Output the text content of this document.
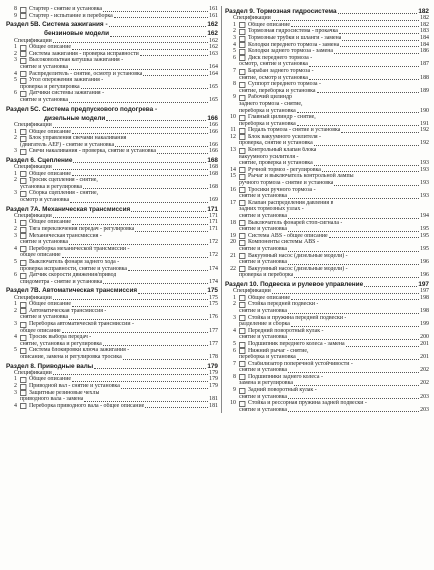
8	Стартер - снятие и установка	161
9	Стартер - испытание и переборка	161
Раздел 5В. Система зажигания -	162
бензиновые модели	162
Спецификации	162
1	Общее описание	162
2	Система зажигания - проверка исправности	163
3	Высоковольтная катушка зажигания -
снятие и установка	164
4	Распределитель - снятие, осмотр и установка	164
5	Угол опережения зажигания -
проверка и регулировка	165
6	Датчики системы зажигания -
снятие и установка	165
Раздел 5С. Система предпускового подогрева -
дизельные модели	166
Спецификации	166
1	Общее описание	166
2	Блок управления свечами накаливания
(двигатель AEF) - снятие и установка	166
3	Свечи накаливания - проверка, снятие и установка	166
Раздел 6. Сцепление	168
Спецификации	168
1	Общее описание	168
2	Тросик сцепления - снятие,
установка и регулировка	168
3	Сборка сцепления - снятие,
осмотр и установка	169
Раздел 7А. Механическая трансмиссия	171
Спецификации	171
1	Общее описание	171
2	Тяга переключения передач - регулировка	171
3	Механическая трансмиссия -
снятие и установка	172
4	Переборка механической трансмиссии -
общее описание	172
5	Выключатель фонаря заднего хода -
проверка исправности, снятие и установка	174
6	Датчик скорости движения/привод
спидометра - снятие и установка	174
Раздел 7В. Автоматическая трансмиссия	175
Спецификации	175
1	Общее описание	175
2	Автоматическая трансмиссия -
снятие и установка	176
3	Переборка автоматической трансмиссии -
общее описание	177
4	Тросик выбора передач -
снятие, установка и регулировка	177
5	Система блокировки ключа зажигания -
описание, замена и регулировка тросика	178
Раздел 8. Приводные валы	179
Спецификации	179
1	Общее описание	179
2	Приводной вал - снятие и установка	179
3	Защитные резиновые чехлы
приводного вала - замена	181
4	Переборка приводного вала - общее описание	181
Раздел 9. Тормозная гидросистема	182
Спецификации	182
1	Общее описание	182
2	Тормозная гидросистема - прокачка	183
3	Тормозные трубки и шланги - замена	184
4	Колодки переднего тормоза - замена	184
5	Колодки заднего тормоза - замена	186
6	Диск переднего тормоза -
осмотр, снятие и установка	187
7	Барабан заднего тормоза -
снятие, осмотр и установка	188
8	Суппорт переднего тормоза -
снятие, переборка и установка	189
9	Рабочий цилиндр
заднего тормоза - снятие,
переборка и установка	190
10	Главный цилиндр - снятие,
переборка и установка	191
11	Педаль тормоза - снятие и установка	192
12	Блок вакуумного усилителя -
проверка, снятие и установка	192
13	Контрольный клапан блока
вакуумного усилителя -
снятие, проверка и установка	193
14	Ручной тормоз - регулировка	193
15	Рычаг и выключатель контрольной лампы
ручного тормоза - снятие и установка	193
16	Тросики ручного тормоза -
снятие и установка	193
17	Клапан распределения давления в
задних тормозных узлах -
снятие и установка	194
18	Выключатель фонарей стоп-сигнала -
снятие и установка	195
19	Система ABS - общее описание	195
20	Компоненты системы ABS -
снятие и установка	195
21	Вакуумный насос (дизельные модели) -
снятие и установка	196
22	Вакуумный насос (дизельные модели) -
проверка и переборка	196
Раздел 10. Подвеска и рулевое управление	197
Спецификации	197
1	Общее описание	198
2	Стойка передней подвески -
снятие и установка	198
3	Стойка и пружина передней подвески -
разделение и сборка	199
4	Передний поворотный кулак -
снятие и установка	200
5	Подшипник переднего колеса - замена	201
6	Нижний рычаг - снятие,
переборка и установка	201
7	Стабилизатор поперечной устойчивости -
снятие и установка	202
8	Подшипники заднего колеса -
замена и регулировка	202
9	Задний поворотный кулак -
снятие и установка	203
10	Стойка и рессорная пружина задней подвески -
снятие и установка	203
